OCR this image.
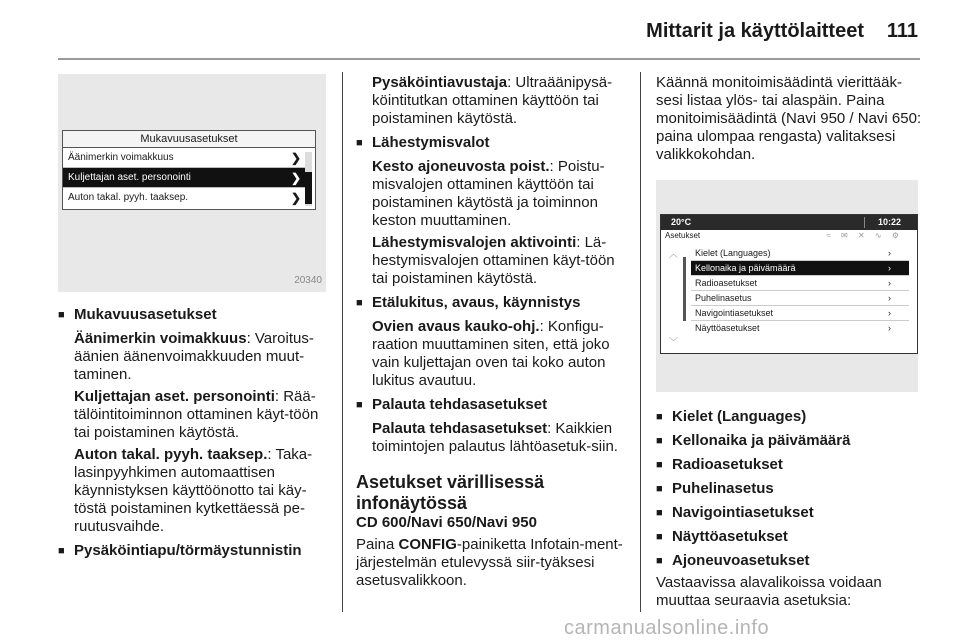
Mittarit ja käyttölaitteet 111
Mukavuusasetukset
Äänimerkin voimakkuus	❯
Kuljettajan aset. personointi	❯
Auton takal. pyyh. taaksep.	❯
20340

■ Mukavuusasetukset

Äänimerkin voimakkuus: Varoitus-äänien äänenvoimakkuuden muut-taminen.

Kuljettajan aset. personointi: Rää-tälöintitoiminnon ottaminen käyt-töön tai poistaminen käytöstä.

Auton takal. pyyh. taaksep.: Taka-lasinpyyhkimen automaattisen käynnistyksen käyttöönotto tai käy-töstä poistaminen kytkettäessä pe-ruutusvaihde.

■ Pysäköintiapu/törmäystunnistin

Pysäköintiavustaja: Ultraäänipysä-köintitutkan ottaminen käyttöön tai poistaminen käytöstä.

■ Lähestymisvalot

Kesto ajoneuvosta poist.: Poistu-misvalojen ottaminen käyttöön tai poistaminen käytöstä ja toiminnon keston muuttaminen.

Lähestymisvalojen aktivointi: Lä-hestymisvalojen ottaminen käyt-töön tai poistaminen käytöstä.

■ Etälukitus, avaus, käynnistys

Ovien avaus kauko-ohj.: Konfigu-raation muuttaminen siten, että joko vain kuljettajan oven tai koko auton lukitus avautuu.

■ Palauta tehdasasetukset

Palauta tehdasasetukset: Kaikkien toimintojen palautus lähtöasetuk-siin.

Asetukset värillisessä infonäytössä

CD 600/Navi 650/Navi 950

Paina CONFIG-painiketta Infotain-ment-järjestelmän etulevyssä siir-tyäksesi asetusvalikkoon.

Käännä monitoimisäädintä vierittääk-sesi listaa ylös- tai alaspäin. Paina monitoimisäädintä (Navi 950 / Navi 650: paina ulompaa rengasta) valitaksesi valikkokohdan.

20°C	10:22
Asetukset	≈ ✉ ✕ ∿ ⚙
︿
﹀
Kielet (Languages)	›
Kellonaika ja päivämäärä	›
Radioasetukset	›
Puhelinasetus	›
Navigointiasetukset	›
Näyttöasetukset	›

■ Kielet (Languages)

■ Kellonaika ja päivämäärä

■ Radioasetukset

■ Puhelinasetus

■ Navigointiasetukset

■ Näyttöasetukset

■ Ajoneuvoasetukset

Vastaavissa alavalikoissa voidaan muuttaa seuraavia asetuksia:

carmanualsonline.info
